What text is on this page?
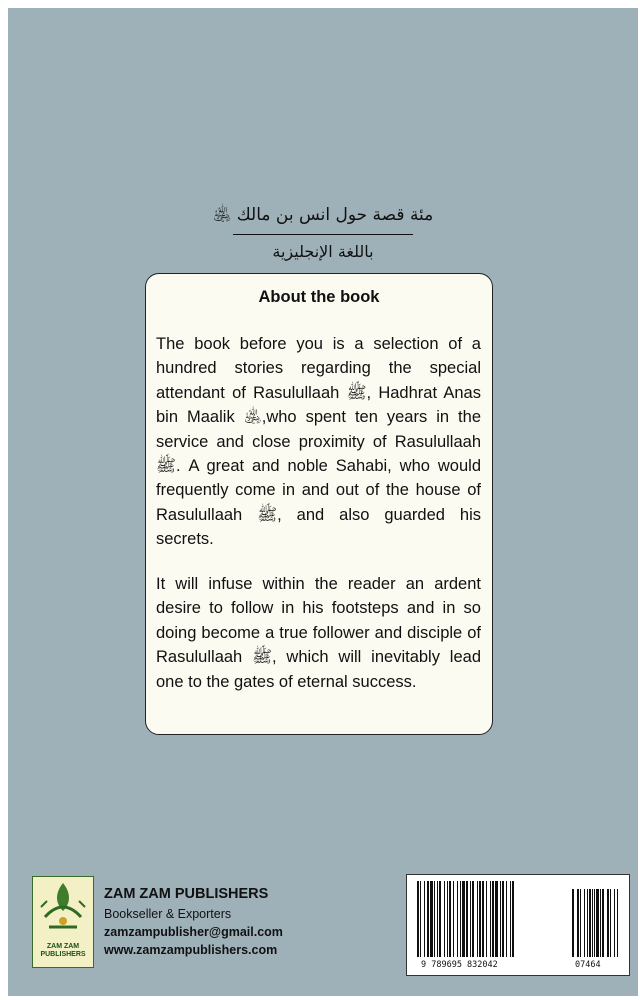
مئة قصة حول انس بن مالك ﵁
باللغة الإنجليزية
About the book

The book before you is a selection of a hundred stories regarding the special attendant of Rasulullaah ﷺ, Hadhrat Anas bin Maalik ﵁,who spent ten years in the service and close proximity of Rasulullaah ﷺ. A great and noble Sahabi, who would frequently come in and out of the house of Rasulullaah ﷺ, and also guarded his secrets.

It will infuse within the reader an ardent desire to follow in his footsteps and in so doing become a true follower and disciple of Rasulullaah ﷺ, which will inevitably lead one to the gates of eternal success.

ZAM ZAM PUBLISHERS
ZAM ZAM PUBLISHERS
Bookseller & Exporters
zamzampublisher@gmail.com
www.zamzampublishers.com
9 789695 832042	07464
